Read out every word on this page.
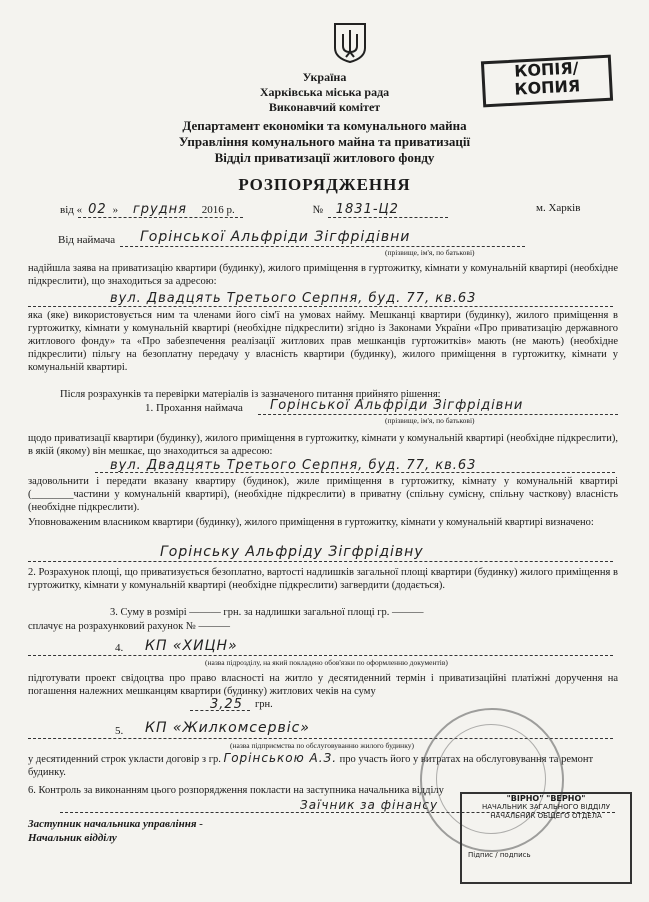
КОПІЯ/
КОПИЯ
Україна
Харківська міська рада
Виконавчий комітет
Департамент економіки та комунального майна
Управління комунального майна та приватизації
Відділ приватизації житлового фонду
РОЗПОРЯДЖЕННЯ
від « 02 » грудня 2016 р.	№ 1831-Ц2	м. Харків
Від наймача Горінської Альфріди Зігфрідівни
(прізвище, ім'я, по батькові)
надійшла заява на приватизацію квартири (будинку), жилого приміщення в гуртожитку, кімнати у комунальній квартирі (необхідне підкреслити), що знаходиться за адресою:
вул. Двадцять Третього Серпня, буд. 77, кв.63
яка (яке) використовується ним та членами його сім'ї на умовах найму. Мешканці квартири (будинку), жилого приміщення в гуртожитку, кімнати у комунальній квартирі (необхідне підкреслити) згідно із Законами України «Про приватизацію державного житлового фонду» та «Про забезпечення реалізації житлових прав мешканців гуртожитків» мають (не мають) (необхідне підкреслити) пільгу на безоплатну передачу у власність квартири (будинку), жилого приміщення в гуртожитку, кімнати у комунальній квартирі.
Після розрахунків та перевірки матеріалів із зазначеного питання прийнято рішення:
1. Прохання наймача Горінської Альфріди Зігфрідівни
(прізвище, ім'я, по батькові)
щодо приватизації квартири (будинку), жилого приміщення в гуртожитку, кімнати у комунальній квартирі (необхідне підкреслити), в якій (якому) він мешкає, що знаходиться за адресою:
вул. Двадцять Третього Серпня, буд. 77, кв.63
задовольнити і передати вказану квартиру (будинок), жиле приміщення в гуртожитку, кімнату у комунальній квартирі (________частини у комунальній квартирі), (необхідне підкреслити) в приватну (спільну сумісну, спільну часткову) власність (необхідне підкреслити).
Уповноваженим власником квартири (будинку), жилого приміщення в гуртожитку, кімнати у комунальній квартирі визначено:
Горінську Альфріду Зігфрідівну
2. Розрахунок площі, що приватизується безоплатно, вартості надлишків загальної площі квартири (будинку) жилого приміщення в гуртожитку, кімнати у комунальній квартирі (необхідне підкреслити) загвердити (додається).
3. Суму в розмірі ——— грн. за надлишки загальної площі гр. ———
сплачує на розрахунковий рахунок № ———
4. КП «ХИЦН»
(назва підрозділу, на який покладено обов'язки по оформленню документів)
підготувати проект свідоцтва про право власності на житло у десятиденний термін і приватизаційні платіжні доручення на погашення належних мешканцям квартири (будинку) житлових чеків на суму
3,25 грн.
5. КП «Жилкомсервіс»
(назва підприємства по обслуговуванню жилого будинку)
у десятиденний строк укласти договір з гр. Горінською А.З. про участь його у витратах на обслуговування та ремонт будинку.
6. Контроль за виконанням цього розпорядження покласти на заступника начальника відділу
Заїчник за фінансу
Заступник начальника управління -
Начальник відділу
"ВІРНО" "ВЕРНО"
НАЧАЛЬНИК ЗАГАЛЬНОГО ВІДДІЛУ
НАЧАЛЬНИК ОБЩЕГО ОТДЕЛА
Підпис / подпись
